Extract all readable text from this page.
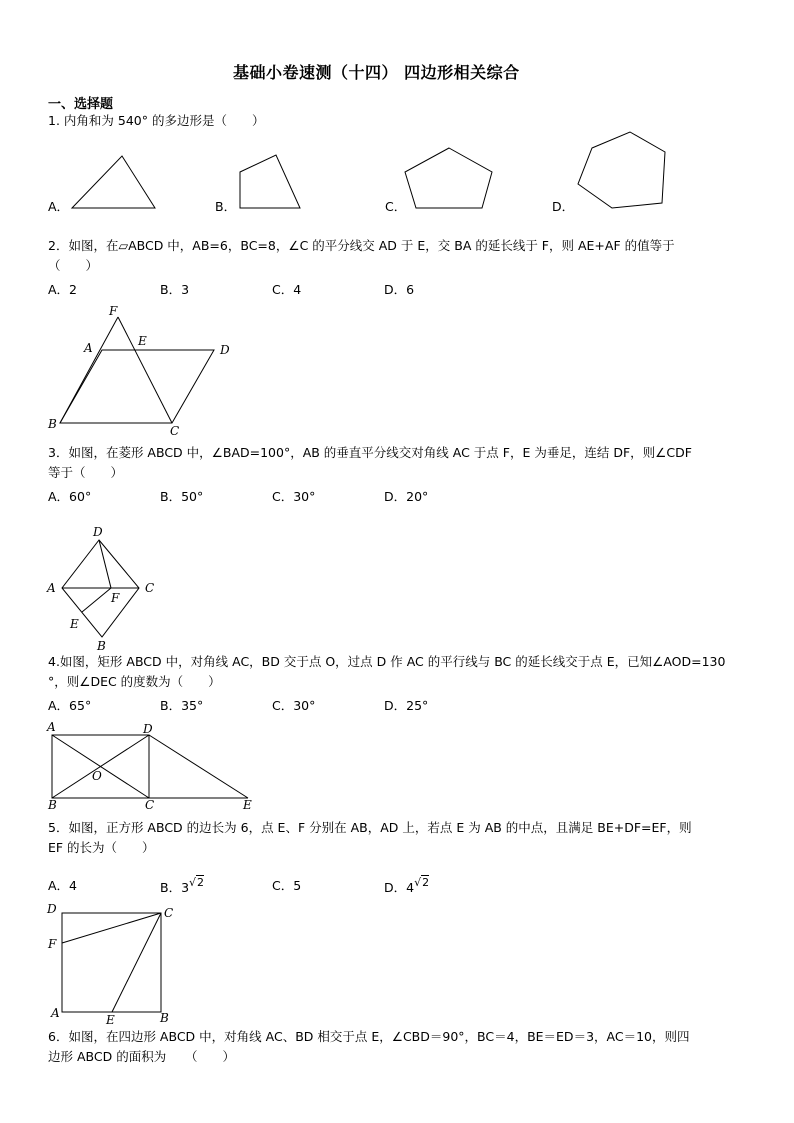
基础小卷速测（十四） 四边形相关综合
一、选择题
1. 内角和为 540° 的多边形是（　　）
A．	B．	C．	D．
2．如图，在▱ABCD 中，AB=6，BC=8，∠C 的平分线交 AD 于 E，交 BA 的延长线于 F，则 AE+AF 的值等于
（　　）
A．2	B．3	C．4	D．6
F
A	E
D
B	C
3．如图，在菱形 ABCD 中，∠BAD=100°，AB 的垂直平分线交对角线 AC 于点 F，E 为垂足，连结 DF，则∠CDF
等于（　　）
A．60°	B．50°	C．30°	D．20°
D
A	C
F
E
B
4.如图，矩形 ABCD 中，对角线 AC，BD 交于点 O，过点 D 作 AC 的平行线与 BC 的延长线交于点 E，已知∠AOD=130
°，则∠DEC 的度数为（　　）
A．65°	B．35°	C．30°	D．25°
A	D
O
B	C	E
5．如图，正方形 ABCD 的边长为 6，点 E、F 分别在 AB，AD 上，若点 E 为 AB 的中点，且满足 BE+DF=EF，则
EF 的长为（　　）
A．4	B．3√2	C．5	D．4√2
D	C
F
A	E	B
6．如图，在四边形 ABCD 中，对角线 AC、BD 相交于点 E，∠CBD＝90°，BC＝4，BE＝ED＝3，AC＝10，则四
边形 ABCD 的面积为　　（　　）
